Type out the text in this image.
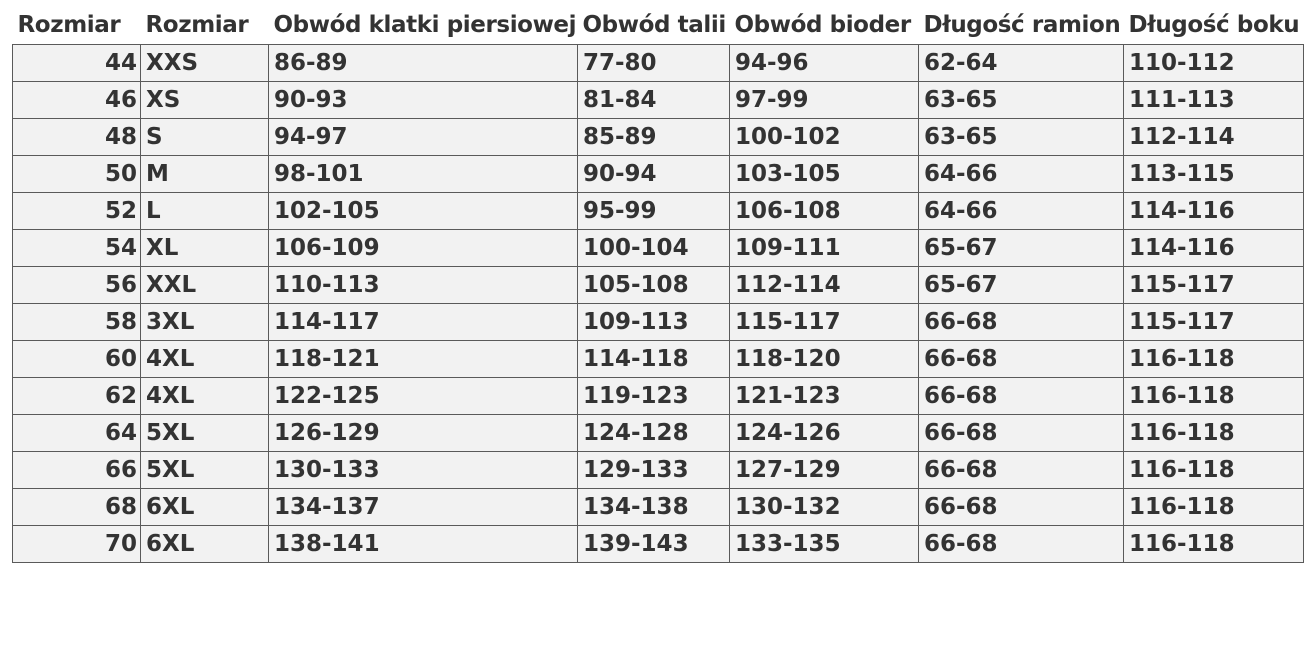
Rozmiar	Rozmiar	Obwód klatki piersiowej	Obwód talii	Obwód bioder	Długość ramion	Długość boku
44	XXS	86-89	77-80	94-96	62-64	110-112
46	XS	90-93	81-84	97-99	63-65	111-113
48	S	94-97	85-89	100-102	63-65	112-114
50	M	98-101	90-94	103-105	64-66	113-115
52	L	102-105	95-99	106-108	64-66	114-116
54	XL	106-109	100-104	109-111	65-67	114-116
56	XXL	110-113	105-108	112-114	65-67	115-117
58	3XL	114-117	109-113	115-117	66-68	115-117
60	4XL	118-121	114-118	118-120	66-68	116-118
62	4XL	122-125	119-123	121-123	66-68	116-118
64	5XL	126-129	124-128	124-126	66-68	116-118
66	5XL	130-133	129-133	127-129	66-68	116-118
68	6XL	134-137	134-138	130-132	66-68	116-118
70	6XL	138-141	139-143	133-135	66-68	116-118
